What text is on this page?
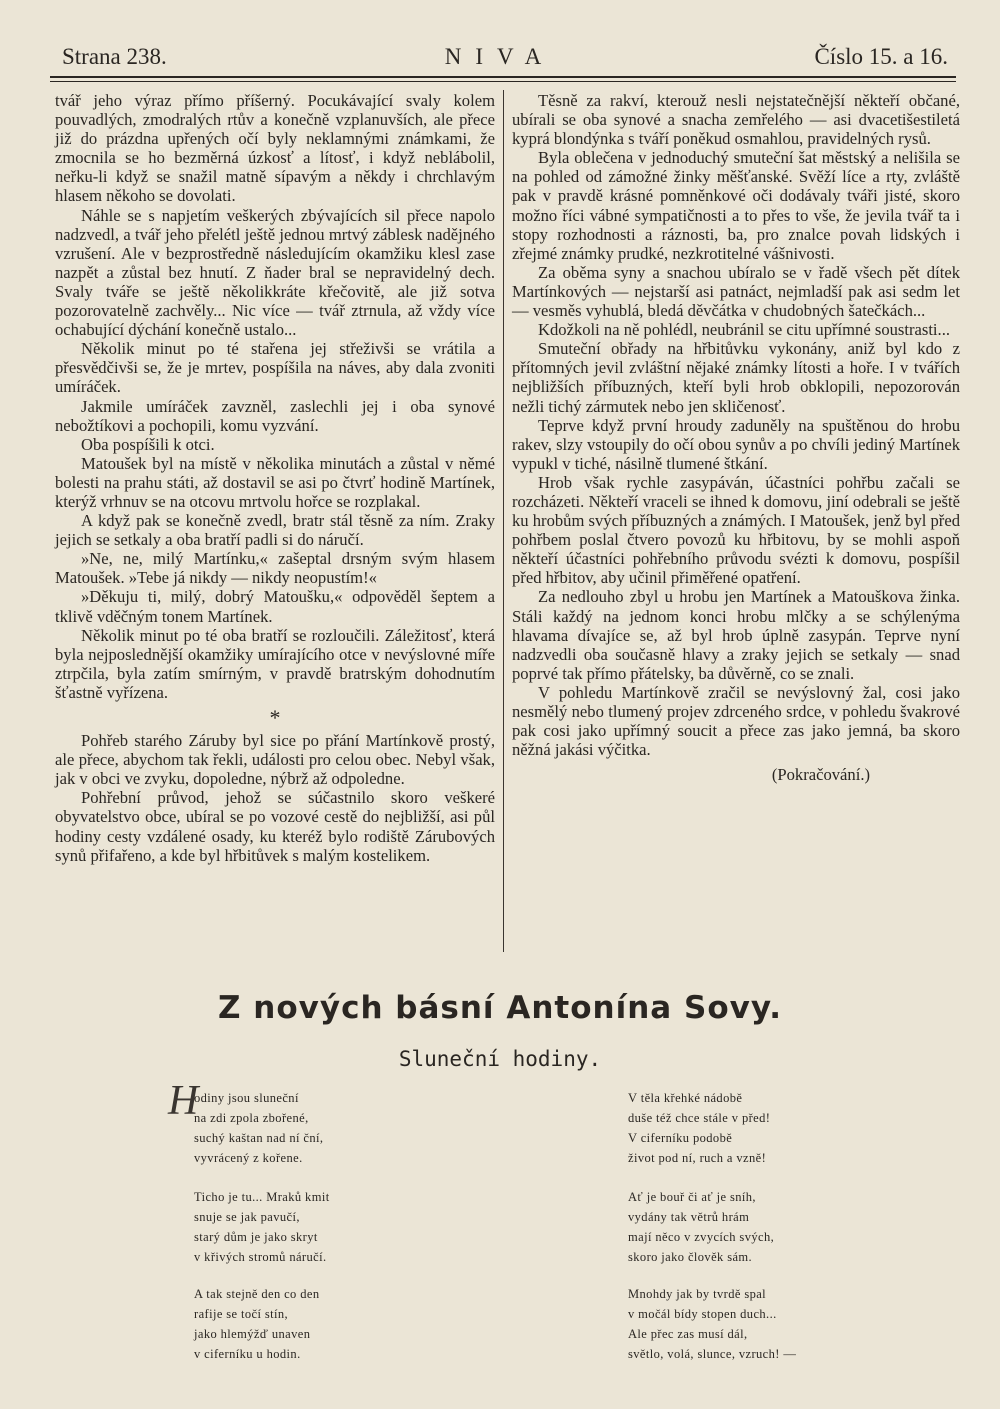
Strana 238.	NIVA	Číslo 15. a 16.

tvář jeho výraz přímo příšerný. Pocukávající svaly kolem pouvadlých, zmodralých rtův a konečně vzplanuvších, ale přece již do prázdna upřených očí byly neklamnými známkami, že zmocnila se ho bezměrná úzkosť a lítosť, i když neblábolil, neřku-li když se snažil matně sípavým a někdy i chrchlavým hlasem někoho se dovolati.

Náhle se s napjetím veškerých zbývajících sil přece napolo nadzvedl, a tvář jeho přelétl ještě jednou mrtvý záblesk nadějného vzrušení. Ale v bezprostředně následujícím okamžiku klesl zase nazpět a zůstal bez hnutí. Z ňader bral se nepravidelný dech. Svaly tváře se ještě několikkráte křečovitě, ale již sotva pozorovatelně zachvěly... Nic více — tvář ztrnula, až vždy více ochabující dýchání konečně ustalo...

Několik minut po té stařena jej střeživši se vrátila a přesvědčivši se, že je mrtev, pospíšila na náves, aby dala zvoniti umíráček.

Jakmile umíráček zavzněl, zaslechli jej i oba synové nebožtíkovi a pochopili, komu vyzvání.

Oba pospíšili k otci.

Matoušek byl na místě v několika minutách a zůstal v němé bolesti na prahu státi, až dostavil se asi po čtvrť hodině Martínek, kterýž vrhnuv se na otcovu mrtvolu hořce se rozplakal.

A když pak se konečně zvedl, bratr stál těsně za ním. Zraky jejich se setkaly a oba bratří padli si do náručí.

»Ne, ne, milý Martínku,« zašeptal drsným svým hlasem Matoušek. »Tebe já nikdy — nikdy neopustím!«

»Děkuju ti, milý, dobrý Matoušku,« odpověděl šeptem a tklivě vděčným tonem Martínek.

Několik minut po té oba bratří se rozloučili. Záležitosť, která byla nejposlednější okamžiky umírajícího otce v nevýslovné míře ztrpčila, byla zatím smírným, v pravdě bratrským dohodnutím šťastně vyřízena.

*

Pohřeb starého Záruby byl sice po přání Martínkově prostý, ale přece, abychom tak řekli, události pro celou obec. Nebyl však, jak v obci ve zvyku, dopoledne, nýbrž až odpoledne.

Pohřební průvod, jehož se súčastnilo skoro veškeré obyvatelstvo obce, ubíral se po vozové cestě do nejbližší, asi půl hodiny cesty vzdálené osady, ku kteréž bylo rodiště Zárubových synů přifařeno, a kde byl hřbitůvek s malým kostelikem.

Těsně za rakví, kterouž nesli nejstatečnější někteří občané, ubírali se oba synové a snacha zemřelého — asi dvacetišestiletá kyprá blondýnka s tváří poněkud osmahlou, pravidelných rysů.

Byla oblečena v jednoduchý smuteční šat městský a nelišila se na pohled od zámožné žinky měšťanské. Svěží líce a rty, zvláště pak v pravdě krásné pomněnkové oči dodávaly tváři jisté, skoro možno říci vábné sympatičnosti a to přes to vše, že jevila tvář ta i stopy rozhodnosti a ráznosti, ba, pro znalce povah lidských i zřejmé známky prudké, nezkrotitelné vášnivosti.

Za oběma syny a snachou ubíralo se v řadě všech pět dítek Martínkových — nejstarší asi patnáct, nejmladší pak asi sedm let — vesměs vyhublá, bledá děvčátka v chudobných šatečkách...

Kdožkoli na ně pohlédl, neubránil se citu upřímné soustrasti...

Smuteční obřady na hřbitůvku vykonány, aniž byl kdo z přítomných jevil zvláštní nějaké známky lítosti a hoře. I v tvářích nejbližších příbuzných, kteří byli hrob obklopili, nepozorován nežli tichý zármutek nebo jen skličenosť.

Teprve když první hroudy zaduněly na spuštěnou do hrobu rakev, slzy vstoupily do očí obou synův a po chvíli jediný Martínek vypukl v tiché, násilně tlumené štkání.

Hrob však rychle zasypáván, účastníci pohřbu začali se rozcházeti. Někteří vraceli se ihned k domovu, jiní odebrali se ještě ku hrobům svých příbuzných a známých. I Matoušek, jenž byl před pohřbem poslal čtvero povozů ku hřbitovu, by se mohli aspoň někteří účastníci pohřebního průvodu svézti k domovu, pospíšil před hřbitov, aby učinil přiměřené opatření.

Za nedlouho zbyl u hrobu jen Martínek a Matouškova žinka. Stáli každý na jednom konci hrobu mlčky a se schýlenýma hlavama dívajíce se, až byl hrob úplně zasypán. Teprve nyní nadzvedli oba současně hlavy a zraky jejich se setkaly — snad poprvé tak přímo přátelsky, ba důvěrně, co se znali.

V pohledu Martínkově zračil se nevýslovný žal, cosi jako nesmělý nebo tlumený projev zdrceného srdce, v pohledu švakrové pak cosi jako upřímný soucit a přece zas jako jemná, ba skoro něžná jakási výčitka.

(Pokračování.)
Z nových básní Antonína Sovy.
Sluneční hodiny.
H
odiny jsou sluneční
na zdi zpola zbořené,
suchý kaštan nad ní ční,
vyvrácený z kořene.
Ticho je tu... Mraků kmit
snuje se jak pavučí,
starý dům je jako skryt
v křivých stromů náručí.
A tak stejně den co den
rafije se točí stín,
jako hlemýžď unaven
v ciferníku u hodin.
V těla křehké nádobě
duše též chce stále v před!
V ciferníku podobě
život pod ní, ruch a vzně!
Ať je bouř či ať je sníh,
vydány tak větrů hrám
mají něco v zvycích svých,
skoro jako člověk sám.
Mnohdy jak by tvrdě spal
v močál bídy stopen duch...
Ale přec zas musí dál,
světlo, volá, slunce, vzruch! —
